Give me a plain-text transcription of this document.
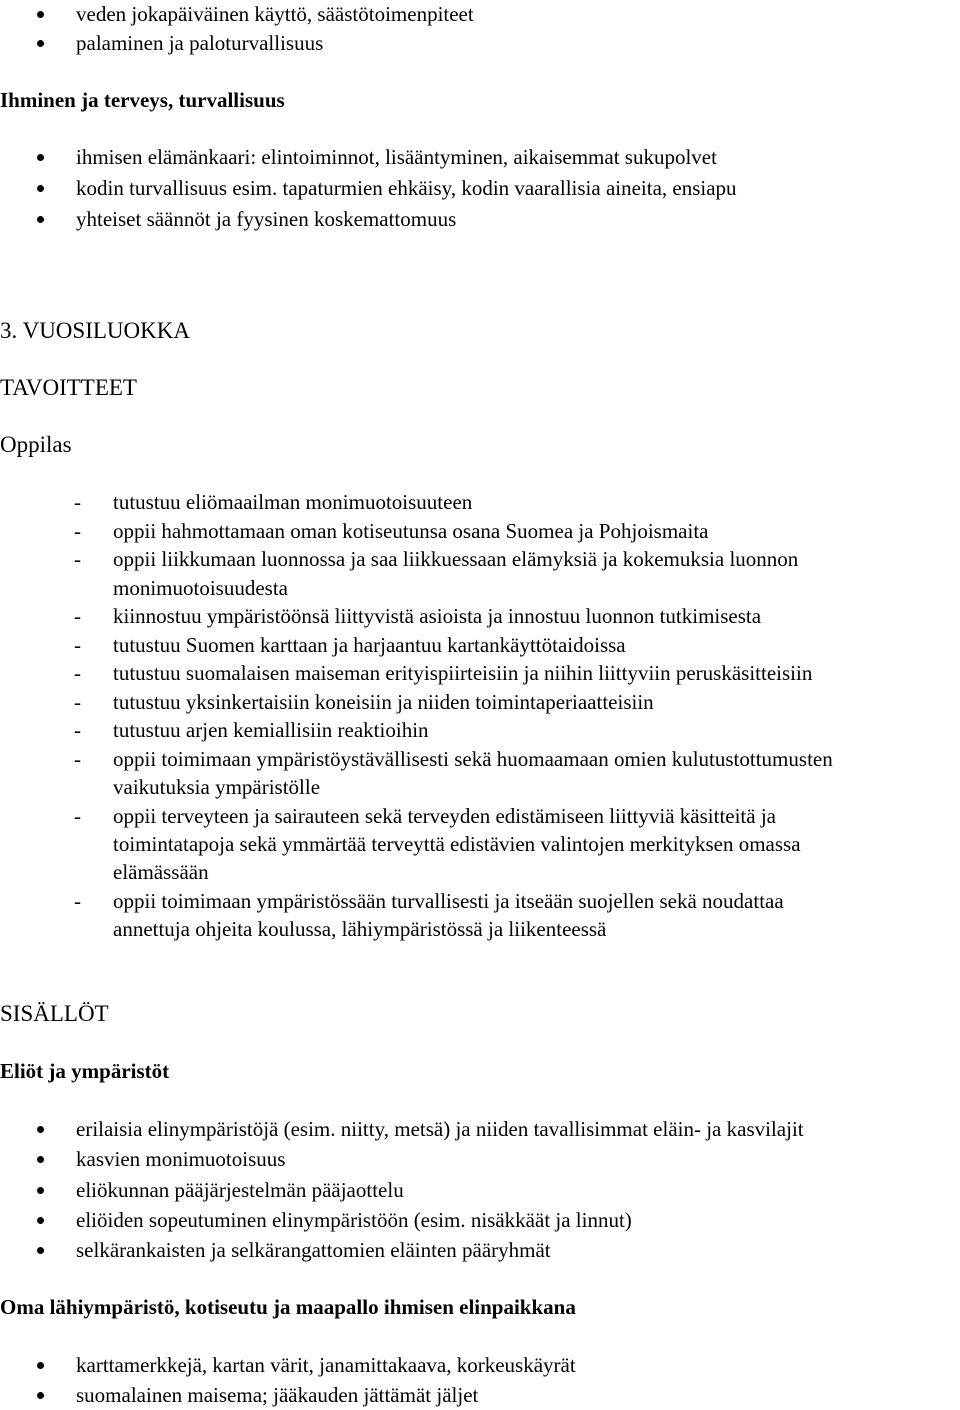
veden jokapäiväinen käyttö, säästötoimenpiteet
palaminen ja paloturvallisuus
Ihminen ja terveys, turvallisuus
ihmisen elämänkaari: elintoiminnot, lisääntyminen, aikaisemmat sukupolvet
kodin turvallisuus esim. tapaturmien ehkäisy, kodin vaarallisia aineita, ensiapu
yhteiset säännöt ja fyysinen koskemattomuus
3. VUOSILUOKKA
TAVOITTEET
Oppilas
- tutustuu eliömaailman monimuotoisuuteen
- oppii hahmottamaan oman kotiseutunsa osana Suomea ja Pohjoismaita
- oppii liikkumaan luonnossa ja saa liikkuessaan elämyksiä ja kokemuksia luonnon
monimuotoisuudesta
- kiinnostuu ympäristöönsä liittyvistä asioista ja innostuu luonnon tutkimisesta
- tutustuu Suomen karttaan ja harjaantuu kartankäyttötaidoissa
- tutustuu suomalaisen maiseman erityispiirteisiin ja niihin liittyviin peruskäsitteisiin
- tutustuu yksinkertaisiin koneisiin ja niiden toimintaperiaatteisiin
- tutustuu arjen kemiallisiin reaktioihin
- oppii toimimaan ympäristöystävällisesti sekä huomaamaan omien kulutustottumusten
vaikutuksia ympäristölle
- oppii terveyteen ja sairauteen sekä terveyden edistämiseen liittyviä käsitteitä ja
toimintatapoja sekä ymmärtää terveyttä edistävien valintojen merkityksen omassa
elämässään
- oppii toimimaan ympäristössään turvallisesti ja itseään suojellen sekä noudattaa
annettuja ohjeita koulussa, lähiympäristössä ja liikenteessä
SISÄLLÖT
Eliöt ja ympäristöt
erilaisia elinympäristöjä (esim. niitty, metsä) ja niiden tavallisimmat eläin- ja kasvilajit
kasvien monimuotoisuus
eliökunnan pääjärjestelmän pääjaottelu
eliöiden sopeutuminen elinympäristöön (esim. nisäkkäät ja linnut)
selkärankaisten ja selkärangattomien eläinten pääryhmät
Oma lähiympäristö, kotiseutu ja maapallo ihmisen elinpaikkana
karttamerkkejä, kartan värit, janamittakaava, korkeuskäyrät
suomalainen maisema; jääkauden jättämät jäljet
